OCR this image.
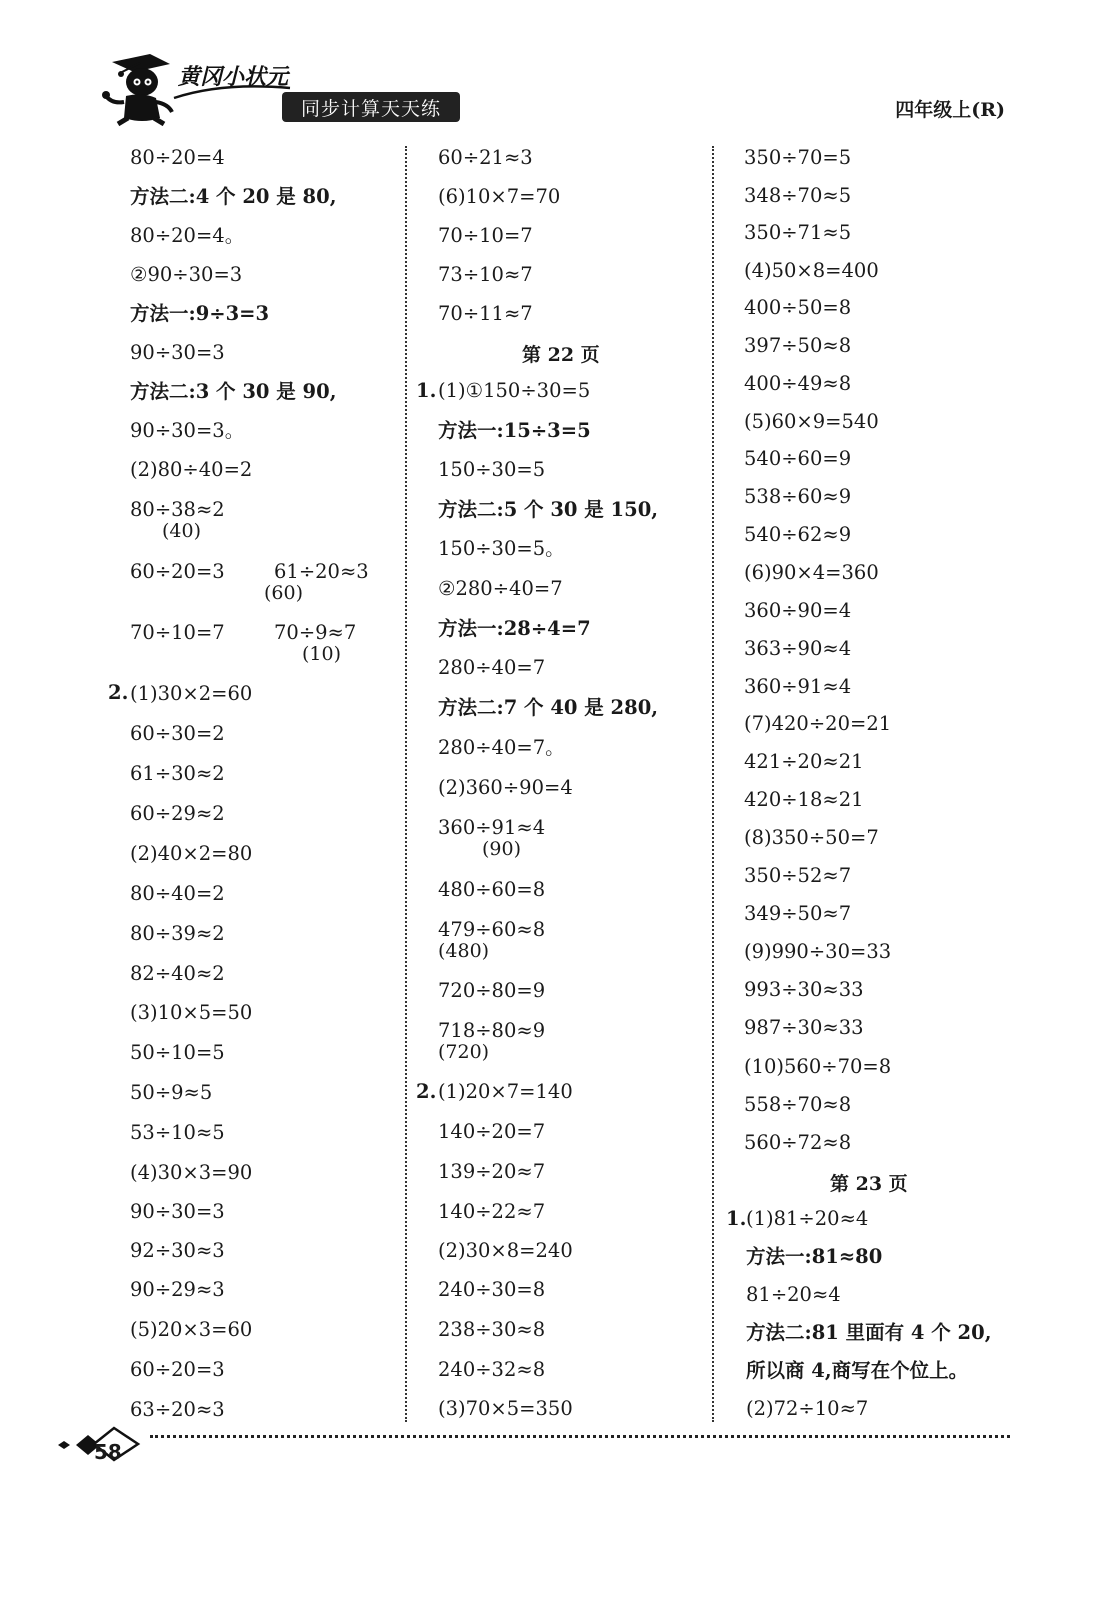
黄冈小状元
同步计算天天练	四年级上(R)
80÷20=4
方法二:4 个 20 是 80,
80÷20=4。
②90÷30=3
方法一:9÷3=3
90÷30=3
方法二:3 个 30 是 90,
90÷30=3。
(2)80÷40=2
80÷38≈2
(40)
60÷20=3	61÷20≈3
(60)
70÷10=7	70÷9≈7
(10)
2. (1)30×2=60
60÷30=2
61÷30≈2
60÷29≈2
(2)40×2=80
80÷40=2
80÷39≈2
82÷40≈2
(3)10×5=50
50÷10=5
50÷9≈5
53÷10≈5
(4)30×3=90
90÷30=3
92÷30≈3
90÷29≈3
(5)20×3=60
60÷20=3
63÷20≈3
60÷21≈3
(6)10×7=70
70÷10=7
73÷10≈7
70÷11≈7
第 22 页
1. (1)①150÷30=5
方法一:15÷3=5
150÷30=5
方法二:5 个 30 是 150,
150÷30=5。
②280÷40=7
方法一:28÷4=7
280÷40=7
方法二:7 个 40 是 280,
280÷40=7。
(2)360÷90=4
360÷91≈4
(90)
480÷60=8
479÷60≈8
(480)
720÷80=9
718÷80≈9
(720)
2. (1)20×7=140
140÷20=7
139÷20≈7
140÷22≈7
(2)30×8=240
240÷30=8
238÷30≈8
240÷32≈8
(3)70×5=350
350÷70=5
348÷70≈5
350÷71≈5
(4)50×8=400
400÷50=8
397÷50≈8
400÷49≈8
(5)60×9=540
540÷60=9
538÷60≈9
540÷62≈9
(6)90×4=360
360÷90=4
363÷90≈4
360÷91≈4
(7)420÷20=21
421÷20≈21
420÷18≈21
(8)350÷50=7
350÷52≈7
349÷50≈7
(9)990÷30=33
993÷30≈33
987÷30≈33
(10)560÷70=8
558÷70≈8
560÷72≈8
第 23 页
1. (1)81÷20≈4
方法一:81≈80
81÷20≈4
方法二:81 里面有 4 个 20,
所以商 4,商写在个位上。
(2)72÷10≈7
58
